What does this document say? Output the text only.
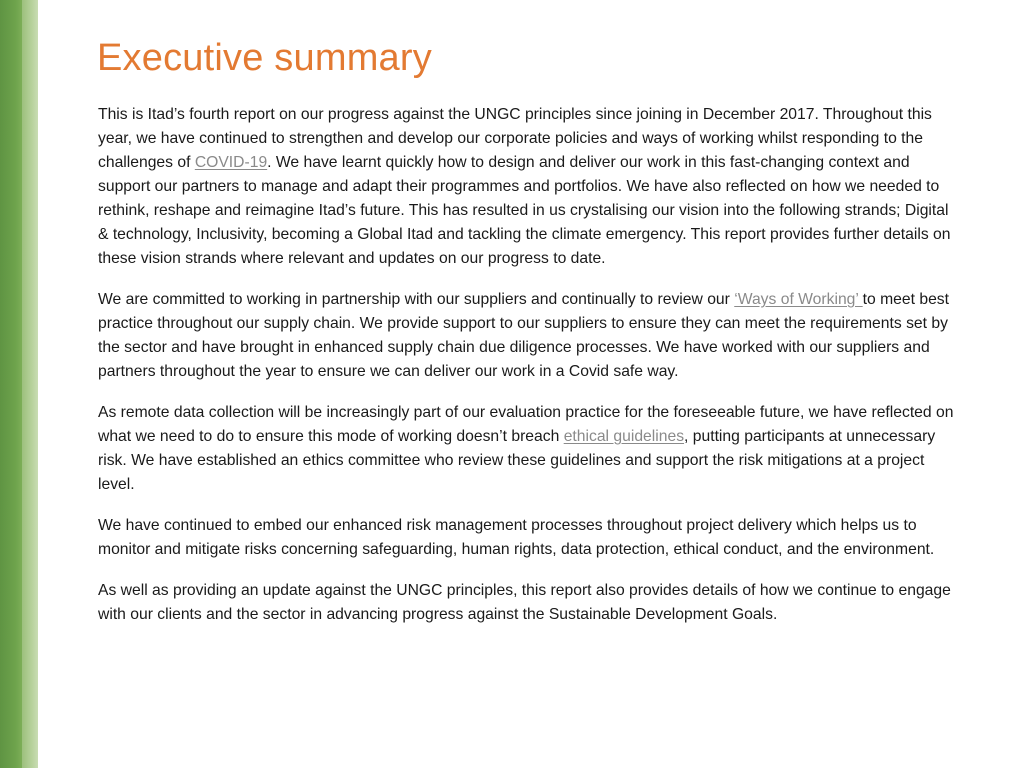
Executive summary

This is Itad’s fourth report on our progress against the UNGC principles since joining in December 2017. Throughout this year, we have continued to strengthen and develop our corporate policies and ways of working whilst responding to the challenges of COVID-19. We have learnt quickly how to design and deliver our work in this fast-changing context and support our partners to manage and adapt their programmes and portfolios. We have also reflected on how we needed to rethink, reshape and reimagine Itad’s future. This has resulted in us crystalising our vision into the following strands; Digital & technology, Inclusivity, becoming a Global Itad and tackling the climate emergency. This report provides further details on these vision strands where relevant and updates on our progress to date.

We are committed to working in partnership with our suppliers and continually to review our ‘Ways of Working’ to meet best practice throughout our supply chain. We provide support to our suppliers to ensure they can meet the requirements set by the sector and have brought in enhanced supply chain due diligence processes. We have worked with our suppliers and partners throughout the year to ensure we can deliver our work in a Covid safe way.

As remote data collection will be increasingly part of our evaluation practice for the foreseeable future, we have reflected on what we need to do to ensure this mode of working doesn’t breach ethical guidelines, putting participants at unnecessary risk. We have established an ethics committee who review these guidelines and support the risk mitigations at a project level.

We have continued to embed our enhanced risk management processes throughout project delivery which helps us to monitor and mitigate risks concerning safeguarding, human rights, data protection, ethical conduct, and the environment.

As well as providing an update against the UNGC principles, this report also provides details of how we continue to engage with our clients and the sector in advancing progress against the Sustainable Development Goals.
